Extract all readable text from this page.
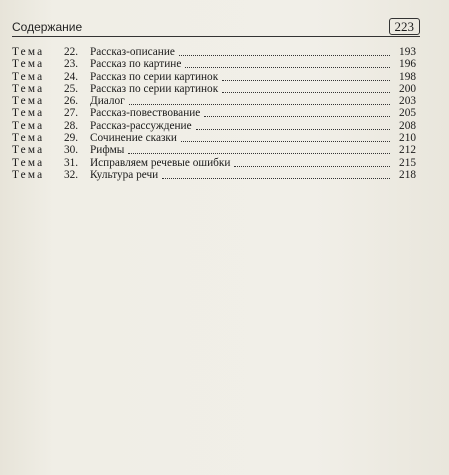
Содержание	223
Тема	22.	Рассказ-описание	193
Тема	23.	Рассказ по картине	196
Тема	24.	Рассказ по серии картинок	198
Тема	25.	Рассказ по серии картинок	200
Тема	26.	Диалог	203
Тема	27.	Рассказ-повествование	205
Тема	28.	Рассказ-рассуждение	208
Тема	29.	Сочинение сказки	210
Тема	30.	Рифмы	212
Тема	31.	Исправляем речевые ошибки	215
Тема	32.	Культура речи	218
